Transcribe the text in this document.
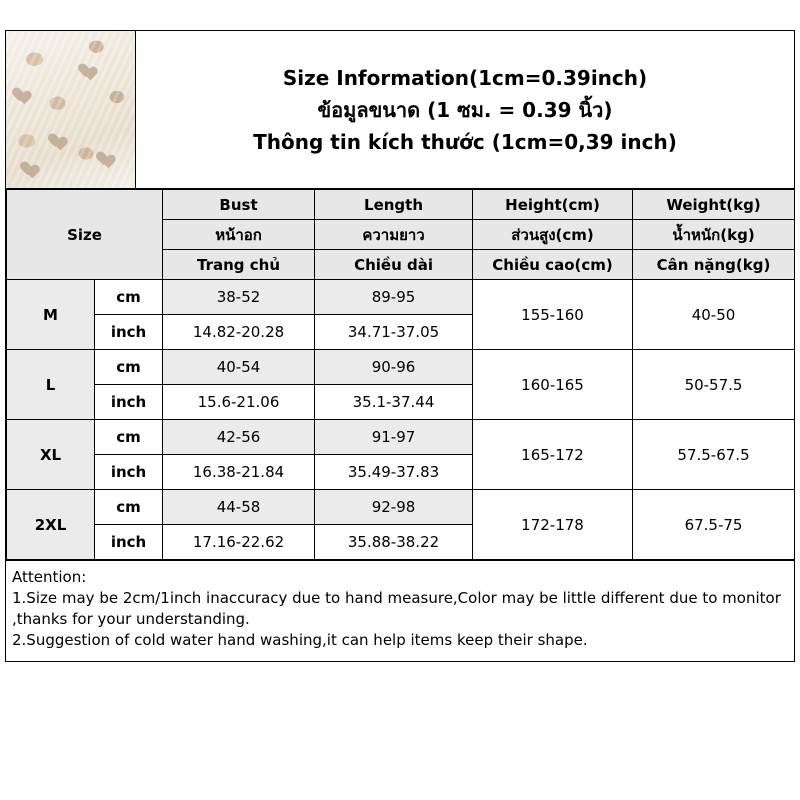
Size Information(1cm=0.39inch)
ข้อมูลขนาด (1 ซม. = 0.39 นิ้ว)
Thông tin kích thước (1cm=0,39 inch)
Size		Bust	Length	Height(cm)	Weight(kg)
		หน้าอก	ความยาว	ส่วนสูง(cm)	น้ำหนัก(kg)
		Trang chủ	Chiều dài	Chiều cao(cm)	Cân nặng(kg)
M	cm	38-52	89-95	155-160	40-50
	inch	14.82-20.28	34.71-37.05		
L	cm	40-54	90-96	160-165	50-57.5
	inch	15.6-21.06	35.1-37.44		
XL	cm	42-56	91-97	165-172	57.5-67.5
	inch	16.38-21.84	35.49-37.83		
2XL	cm	44-58	92-98	172-178	67.5-75
	inch	17.16-22.62	35.88-38.22		

Attention:

1.Size may be 2cm/1inch inaccuracy due to hand measure,Color may be little different due to monitor ,thanks for your understanding.

2.Suggestion of cold water hand washing,it can help items keep their shape.
